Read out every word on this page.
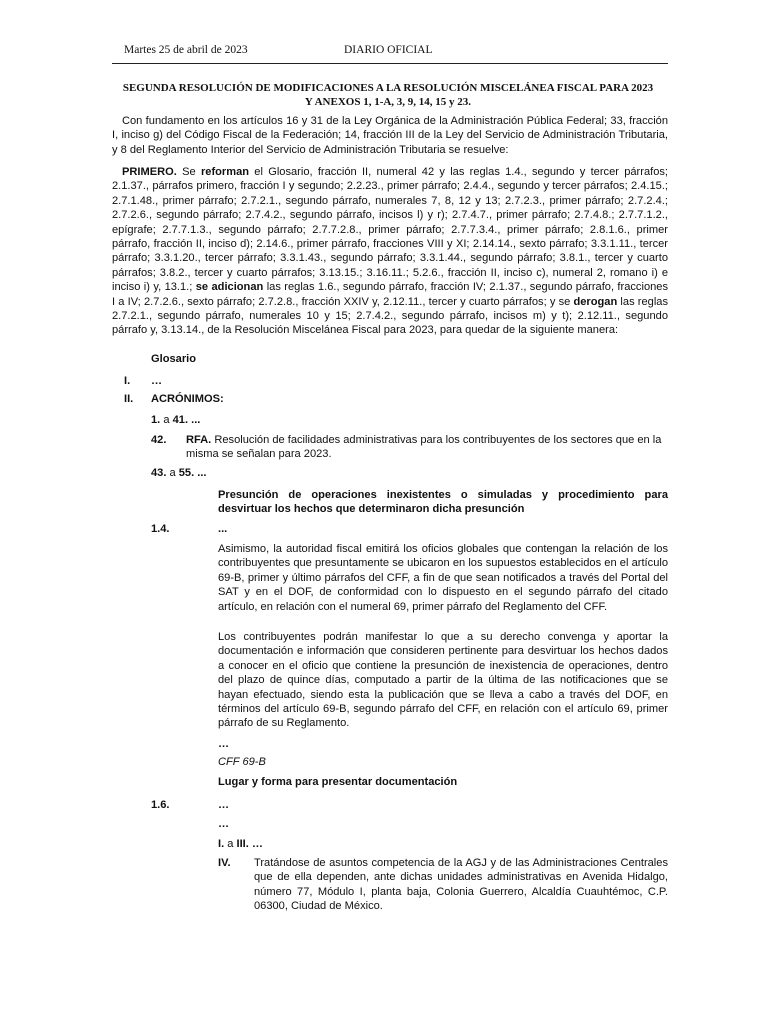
Martes 25 de abril de 2023	DIARIO OFICIAL
SEGUNDA RESOLUCIÓN DE MODIFICACIONES A LA RESOLUCIÓN MISCELÁNEA FISCAL PARA 2023
Y ANEXOS 1, 1-A, 3, 9, 14, 15 y 23.
Con fundamento en los artículos 16 y 31 de la Ley Orgánica de la Administración Pública Federal; 33, fracción I, inciso g) del Código Fiscal de la Federación; 14, fracción III de la Ley del Servicio de Administración Tributaria, y 8 del Reglamento Interior del Servicio de Administración Tributaria se resuelve:
PRIMERO. Se reforman el Glosario, fracción II, numeral 42 y las reglas 1.4., segundo y tercer párrafos; 2.1.37., párrafos primero, fracción I y segundo; 2.2.23., primer párrafo; 2.4.4., segundo y tercer párrafos; 2.4.15.; 2.7.1.48., primer párrafo; 2.7.2.1., segundo párrafo, numerales 7, 8, 12 y 13; 2.7.2.3., primer párrafo; 2.7.2.4.; 2.7.2.6., segundo párrafo; 2.7.4.2., segundo párrafo, incisos l) y r); 2.7.4.7., primer párrafo; 2.7.4.8.; 2.7.7.1.2., epígrafe; 2.7.7.1.3., segundo párrafo; 2.7.7.2.8., primer párrafo; 2.7.7.3.4., primer párrafo; 2.8.1.6., primer párrafo, fracción II, inciso d); 2.14.6., primer párrafo, fracciones VIII y XI; 2.14.14., sexto párrafo; 3.3.1.11., tercer párrafo; 3.3.1.20., tercer párrafo; 3.3.1.43., segundo párrafo; 3.3.1.44., segundo párrafo; 3.8.1., tercer y cuarto párrafos; 3.8.2., tercer y cuarto párrafos; 3.13.15.; 3.16.11.; 5.2.6., fracción II, inciso c), numeral 2, romano i) e inciso i) y, 13.1.; se adicionan las reglas 1.6., segundo párrafo, fracción IV; 2.1.37., segundo párrafo, fracciones I a IV; 2.7.2.6., sexto párrafo; 2.7.2.8., fracción XXIV y, 2.12.11., tercer y cuarto párrafos; y se derogan las reglas 2.7.2.1., segundo párrafo, numerales 10 y 15; 2.7.4.2., segundo párrafo, incisos m) y t); 2.12.11., segundo párrafo y, 3.13.14., de la Resolución Miscelánea Fiscal para 2023, para quedar de la siguiente manera:
Glosario
I. …
II. ACRÓNIMOS:
1. a 41. ...
42. RFA. Resolución de facilidades administrativas para los contribuyentes de los sectores que en la misma se señalan para 2023.
43. a 55. ...
Presunción de operaciones inexistentes o simuladas y procedimiento para desvirtuar los hechos que determinaron dicha presunción
1.4.	...
Asimismo, la autoridad fiscal emitirá los oficios globales que contengan la relación de los contribuyentes que presuntamente se ubicaron en los supuestos establecidos en el artículo 69-B, primer y último párrafos del CFF, a fin de que sean notificados a través del Portal del SAT y en el DOF, de conformidad con lo dispuesto en el segundo párrafo del citado artículo, en relación con el numeral 69, primer párrafo del Reglamento del CFF.
Los contribuyentes podrán manifestar lo que a su derecho convenga y aportar la documentación e información que consideren pertinente para desvirtuar los hechos dados a conocer en el oficio que contiene la presunción de inexistencia de operaciones, dentro del plazo de quince días, computado a partir de la última de las notificaciones que se hayan efectuado, siendo esta la publicación que se lleva a cabo a través del DOF, en términos del artículo 69-B, segundo párrafo del CFF, en relación con el artículo 69, primer párrafo de su Reglamento.
…
CFF 69-B
Lugar y forma para presentar documentación
1.6.	…
…
I. a III. …
IV. Tratándose de asuntos competencia de la AGJ y de las Administraciones Centrales que de ella dependen, ante dichas unidades administrativas en Avenida Hidalgo, número 77, Módulo I, planta baja, Colonia Guerrero, Alcaldía Cuauhtémoc, C.P. 06300, Ciudad de México.
